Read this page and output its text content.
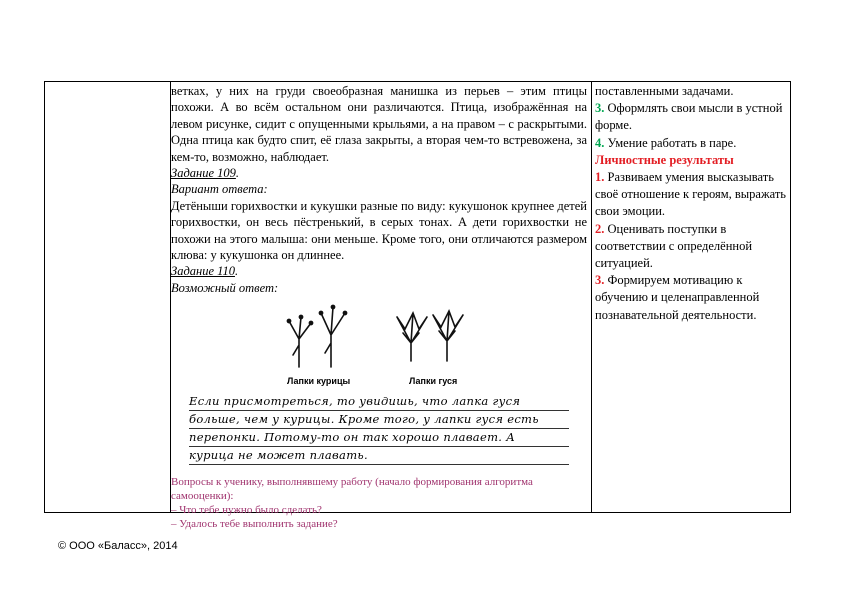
ветках, у них на груди своеобразная манишка из перьев – этим птицы похожи. А во всём остальном они различаются. Птица, изображённая на левом рисунке, сидит с опущенными крыльями, а на правом – с раскрытыми. Одна птица как будто спит, её глаза закрыты, а вторая чем-то встревожена, за кем-то, возможно, наблюдает.

Задание 109.

Вариант ответа:

Детёныши горихвостки и кукушки разные по виду: кукушонок крупнее детей горихвостки, он весь пёстренький, в серых тонах. А дети горихвостки не похожи на этого малыша: они меньше. Кроме того, они отличаются размером клюва: у кукушонка он длиннее.

Задание 110.

Возможный ответ:

Лапки курицы	Лапки гуся
Если присмотреться, то увидишь, что лапка гуся
больше, чем у курицы. Кроме того, у лапки гуся есть
перепонки. Потому-то он так хорошо плавает. А
курица не может плавать.
Вопросы к ученику, выполнявшему работу (начало формирования алгоритма самооценки):
– Что тебе нужно было сделать?
– Удалось тебе выполнить задание?

поставленными задачами.

3. Оформлять свои мысли в устной форме.

4. Умение работать в паре.

Личностные результаты

1. Развиваем умения высказывать своё отношение к героям, выражать свои эмоции.

2. Оценивать поступки в соответствии с определённой ситуацией.

3. Формируем мотивацию к обучению и целенаправленной познавательной деятельности.

© ООО «Баласс», 2014
